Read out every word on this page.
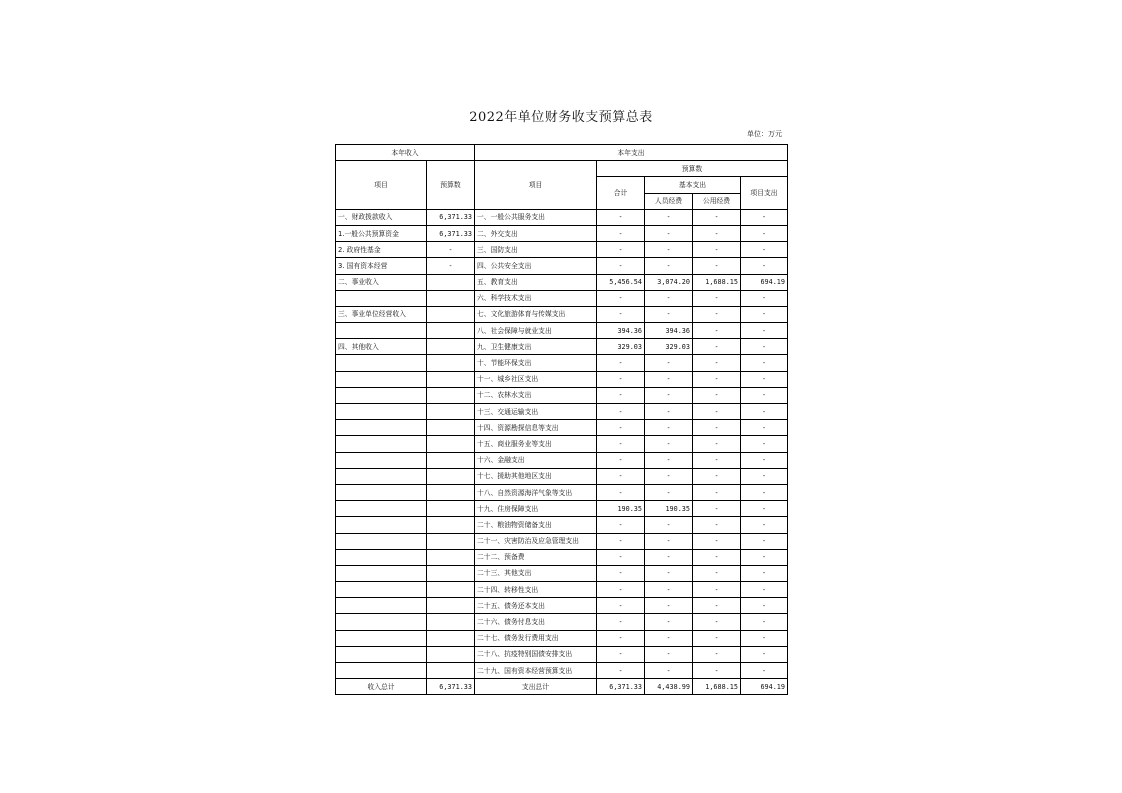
2022年单位财务收支预算总表
单位：万元
本年收入		本年支出				
项目	预算数	项目	预算数			
			合计	基本支出		项目支出
				人员经费	公用经费	
一、财政拨款收入	6,371.33	一、一般公共服务支出	-	-	-	-
1.一般公共预算资金	6,371.33	二、外交支出	-	-	-	-
2. 政府性基金	-	三、国防支出	-	-	-	-
3. 国有资本经营	-	四、公共安全支出	-	-	-	-
二、事业收入		五、教育支出	5,456.54	3,074.20	1,688.15	694.19
		六、科学技术支出	-	-	-	-
三、事业单位经营收入		七、文化旅游体育与传媒支出	-	-	-	-
		八、社会保障与就业支出	394.36	394.36	-	-
四、其他收入		九、卫生健康支出	329.03	329.03	-	-
		十、节能环保支出	-	-	-	-
		十一、城乡社区支出	-	-	-	-
		十二、农林水支出	-	-	-	-
		十三、交通运输支出	-	-	-	-
		十四、资源勘探信息等支出	-	-	-	-
		十五、商业服务业等支出	-	-	-	-
		十六、金融支出	-	-	-	-
		十七、援助其他地区支出	-	-	-	-
		十八、自然资源海洋气象等支出	-	-	-	-
		十九、住房保障支出	190.35	190.35	-	-
		二十、粮油物资储备支出	-	-	-	-
		二十一、灾害防治及应急管理支出	-	-	-	-
		二十二、预备费	-	-	-	-
		二十三、其他支出	-	-	-	-
		二十四、转移性支出	-	-	-	-
		二十五、债务还本支出	-	-	-	-
		二十六、债务付息支出	-	-	-	-
		二十七、债务发行费用支出	-	-	-	-
		二十八、抗疫特别国债安排支出	-	-	-	-
		二十九、国有资本经营预算支出	-	-	-	-
收入总计	6,371.33	支出总计	6,371.33	4,438.99	1,688.15	694.19
